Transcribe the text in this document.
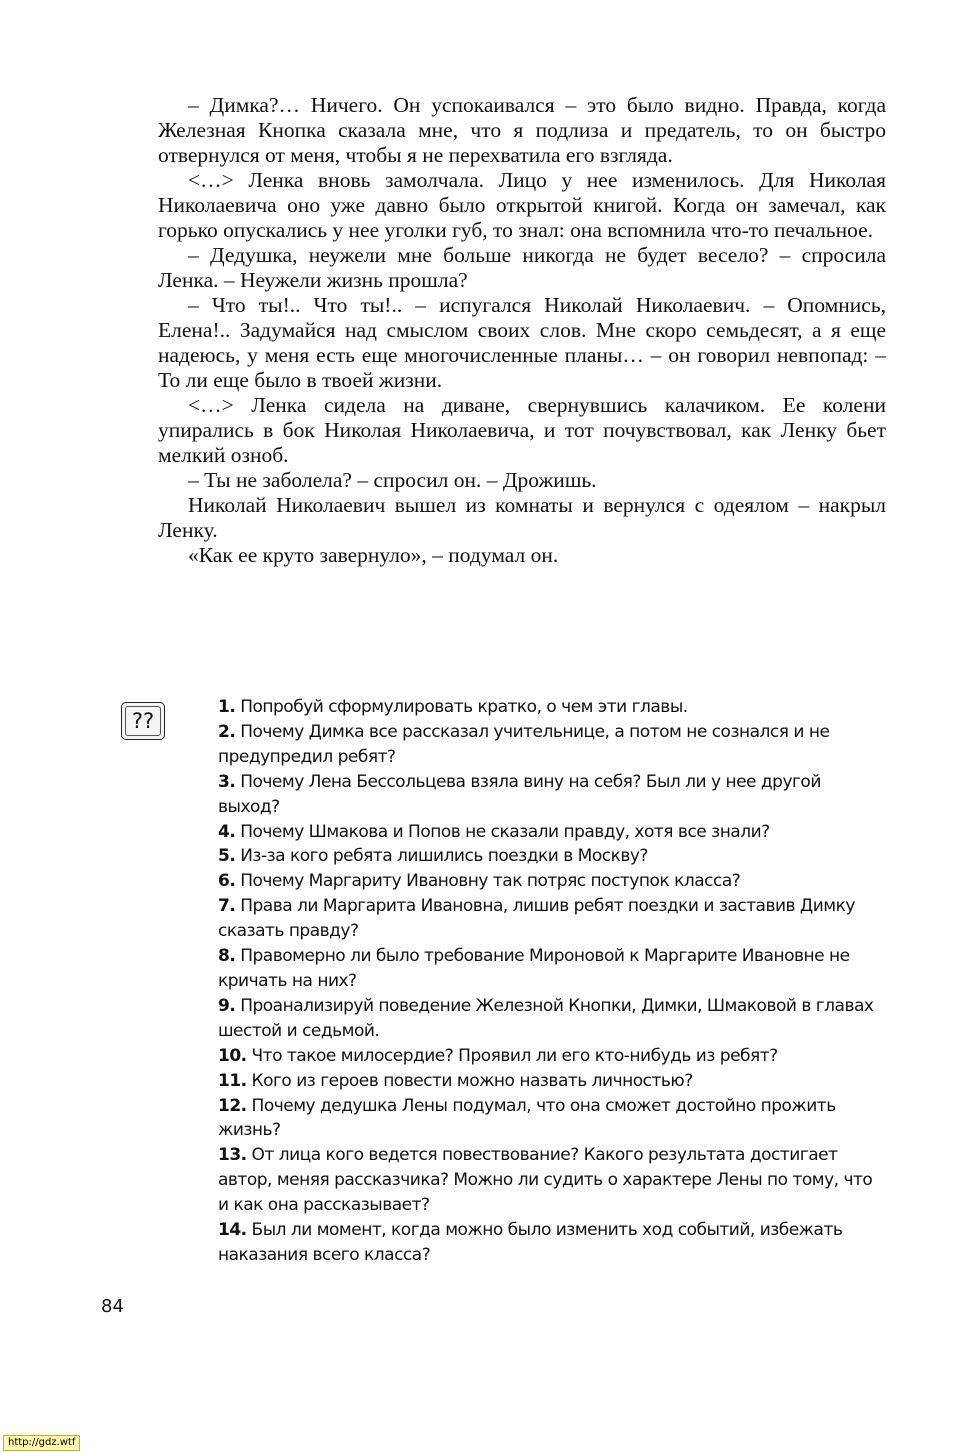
– Димка?… Ничего. Он успокаивался – это было видно. Правда, когда Железная Кнопка сказала мне, что я подлиза и предатель, то он быстро отвернулся от меня, чтобы я не перехватила его взгляда.

<…> Ленка вновь замолчала. Лицо у нее изменилось. Для Николая Николаевича оно уже давно было открытой книгой. Когда он замечал, как горько опускались у нее уголки губ, то знал: она вспомнила что-то печальное.

– Дедушка, неужели мне больше никогда не будет весело? – спросила Ленка. – Неужели жизнь прошла?

– Что ты!.. Что ты!.. – испугался Николай Николаевич. – Опомнись, Елена!.. Задумайся над смыслом своих слов. Мне скоро семьдесят, а я еще надеюсь, у меня есть еще многочисленные планы… – он говорил невпопад: – То ли еще было в твоей жизни.

<…> Ленка сидела на диване, свернувшись калачиком. Ее колени упирались в бок Николая Николаевича, и тот почувствовал, как Ленку бьет мелкий озноб.

– Ты не заболела? – спросил он. – Дрожишь.

Николай Николаевич вышел из комнаты и вернулся с одеялом – накрыл Ленку.

«Как ее круто завернуло», – подумал он.

??
1. Попробуй сформулировать кратко, о чем эти главы.
2. Почему Димка все рассказал учительнице, а потом не сознался и не предупредил ребят?
3. Почему Лена Бессольцева взяла вину на себя? Был ли у нее другой выход?
4. Почему Шмакова и Попов не сказали правду, хотя все знали?
5. Из-за кого ребята лишились поездки в Москву?
6. Почему Маргариту Ивановну так потряс поступок класса?
7. Права ли Маргарита Ивановна, лишив ребят поездки и заставив Димку сказать правду?
8. Правомерно ли было требование Мироновой к Маргарите Ивановне не кричать на них?
9. Проанализируй поведение Железной Кнопки, Димки, Шмаковой в главах шестой и седьмой.
10. Что такое милосердие? Проявил ли его кто-нибудь из ребят?
11. Кого из героев повести можно назвать личностью?
12. Почему дедушка Лены подумал, что она сможет достойно прожить жизнь?
13. От лица кого ведется повествование? Какого результата достигает автор, меняя рассказчика? Можно ли судить о характере Лены по тому, что и как она рассказывает?
14. Был ли момент, когда можно было изменить ход событий, избежать наказания всего класса?
84
http://gdz.wtf
